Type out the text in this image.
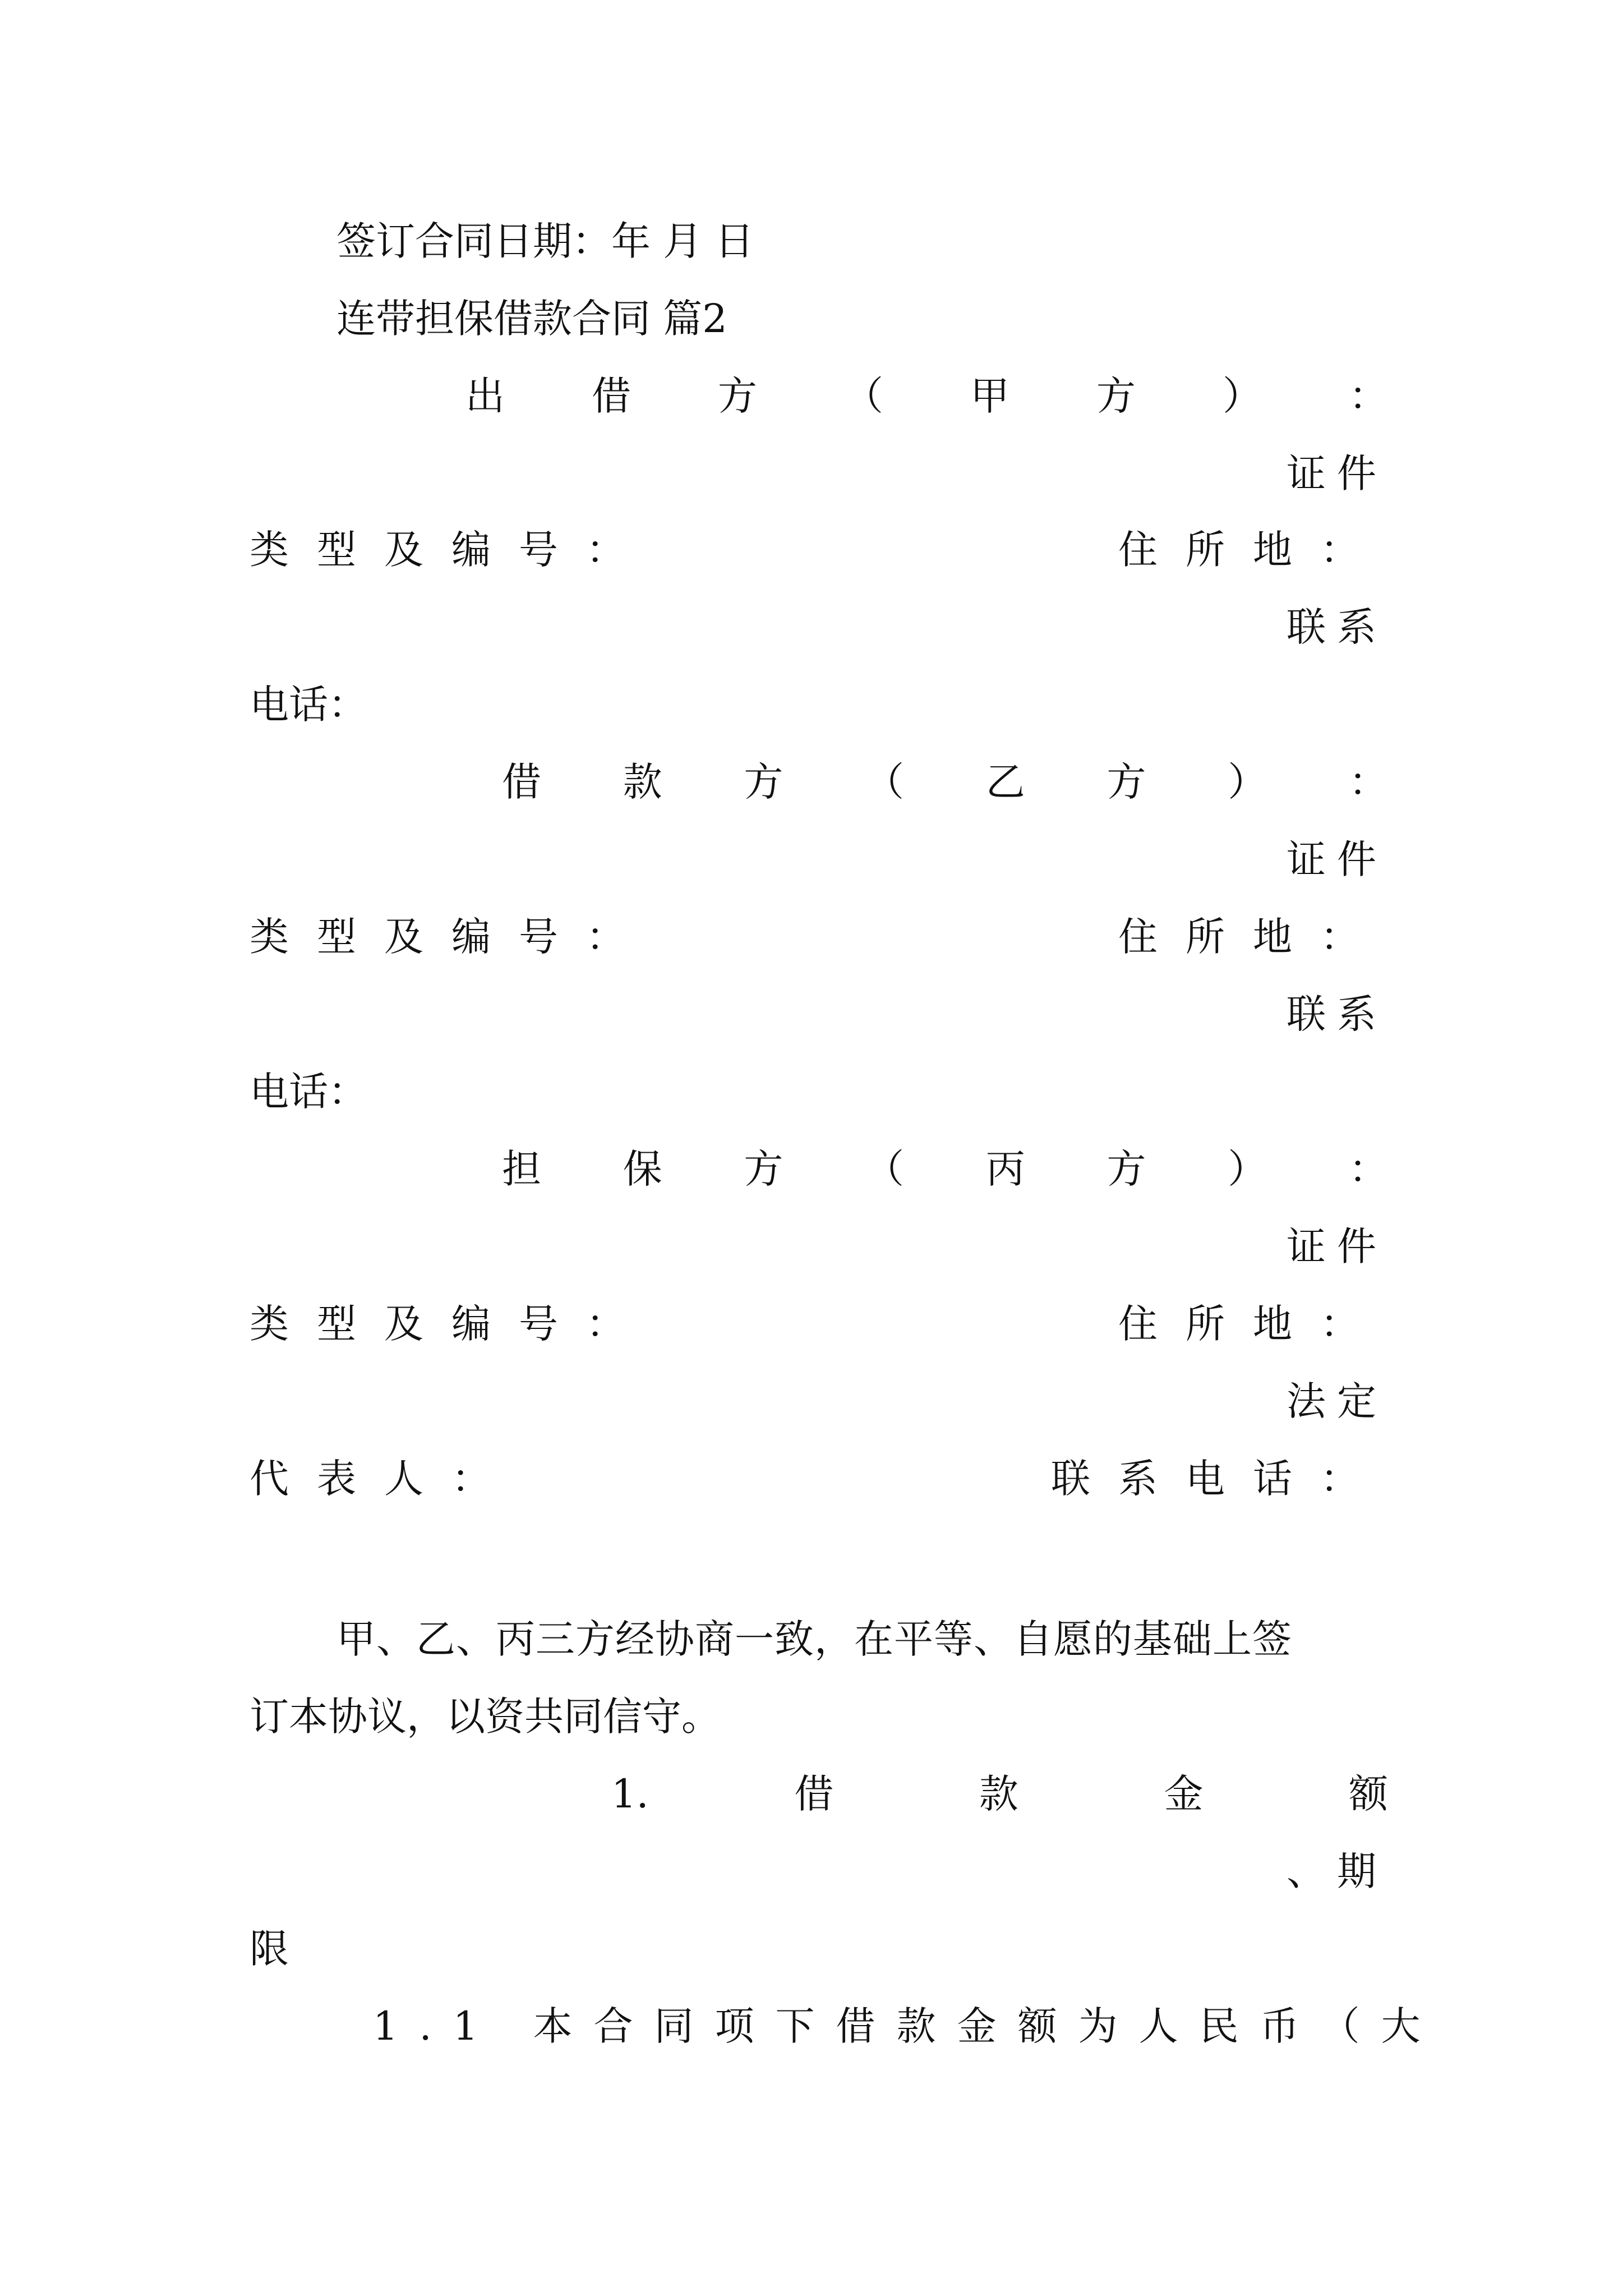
签订合同日期：年 月 日

连带担保借款合同 篇2

出 借 方 （ 甲 方 ） ：

证件

类型及编号：	住所地：

联系

电话：

借 款 方 （ 乙 方 ） ：

证件

类型及编号：	住所地：

联系

电话：

担 保 方 （ 丙 方 ） ：

证件

类型及编号：	住所地：

法定

代表人：	联系电话：

甲、乙、丙三方经协商一致，在平等、自愿的基础上签

订本协议，以资共同信守。

1.	借	款	金	额

、期

限

1.1 本合同项下借款金额为人民币（大
